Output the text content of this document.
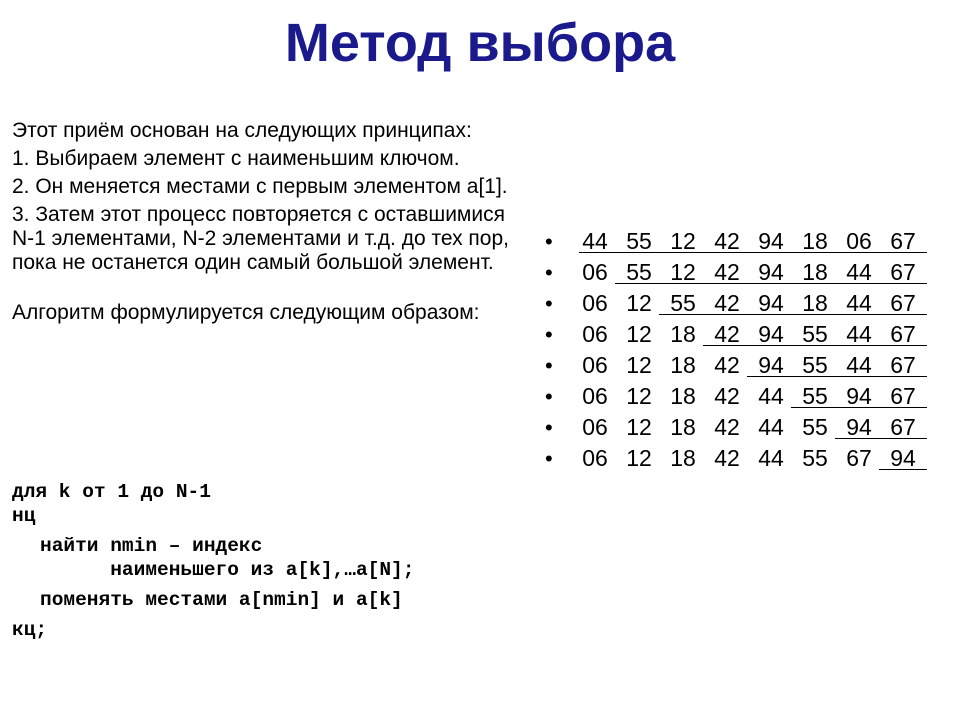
Метод выбора

Этот приём основан на следующих принципах:

1. Выбираем элемент с наименьшим ключом.

2. Он меняется местами с первым элементом а[1].

3. Затем этот процесс повторяется с оставшимися N-1 элементами, N-2 элементами и т.д. до тех пор, пока не останется один самый большой элемент.

Алгоритм формулируется следующим образом:

для k от 1 до N-1
нц
найти nmin – индекс
наименьшего из a[k],…a[N];
поменять местами a[nmin] и a[k]
кц;
•	44 55 12 42 94 18 06 67
•	06 55 12 42 94 18 44 67
•	06 12 55 42 94 18 44 67
•	06 12 18 42 94 55 44 67
•	06 12 18 42 94 55 44 67
•	06 12 18 42 44 55 94 67
•	06 12 18 42 44 55 94 67
•	06 12 18 42 44 55 67 94
